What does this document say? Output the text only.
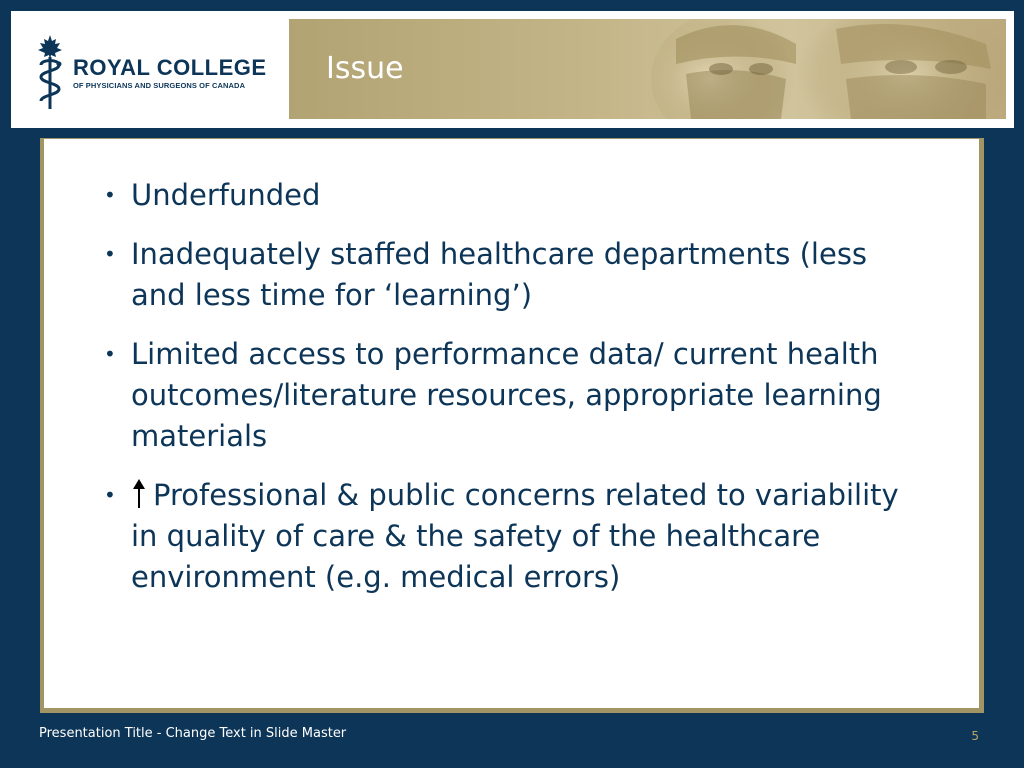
ROYAL COLLEGE
OF PHYSICIANS AND SURGEONS OF CANADA	Issue
• Underfunded
• Inadequately staffed healthcare departments (less and less time for ‘learning’)
• Limited access to performance data/ current health outcomes/literature resources, appropriate learning materials
• Professional & public concerns related to variability in quality of care & the safety of the healthcare environment (e.g. medical errors)
Presentation Title - Change Text in Slide Master	5
